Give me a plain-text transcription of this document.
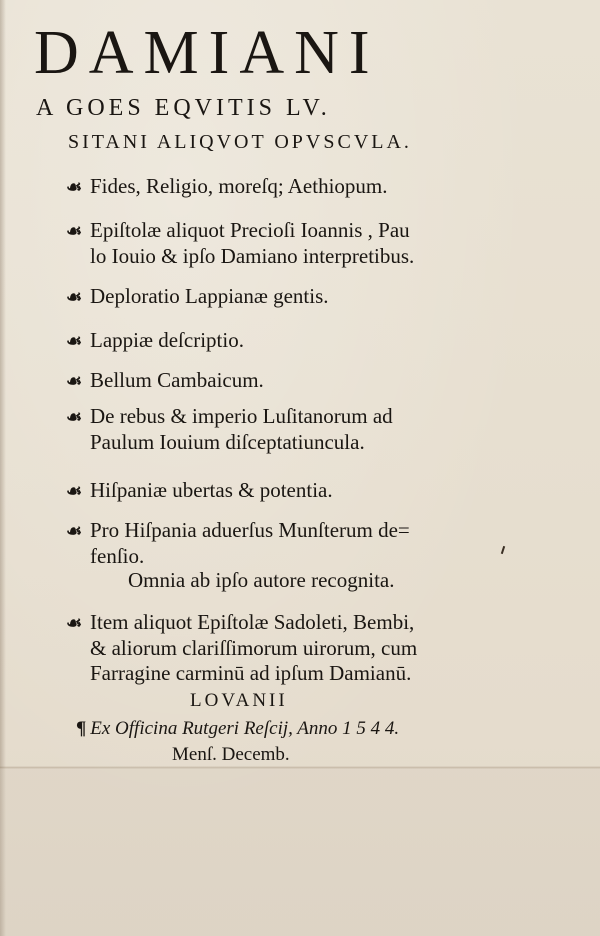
DAMIANI
A GOES EQVITIS LV.
SITANI ALIQVOT OPVSCVLA.
☙ Fides, Religio, moreſq; Aethiopum.
☙ Epiſtolæ aliquot Precioſi Ioannis , Pau
lo Iouio & ipſo Damiano interpretibus.
☙ Deploratio Lappianæ gentis.
☙ Lappiæ deſcriptio.
☙ Bellum Cambaicum.
☙ De rebus & imperio Luſitanorum ad
Paulum Iouium diſceptatiuncula.
☙ Hiſpaniæ ubertas & potentia.
☙ Pro Hiſpania aduerſus Munſterum de=
fenſio.
Omnia ab ipſo autore recognita.
☙ Item aliquot Epiſtolæ Sadoleti, Bembi,
& aliorum clariſſimorum uirorum, cum
Farragine carminū ad ipſum Damianū.
LOVANII
¶ Ex Officina Rutgeri Reſcij, Anno 1 5 4 4.
Menſ. Decemb.
